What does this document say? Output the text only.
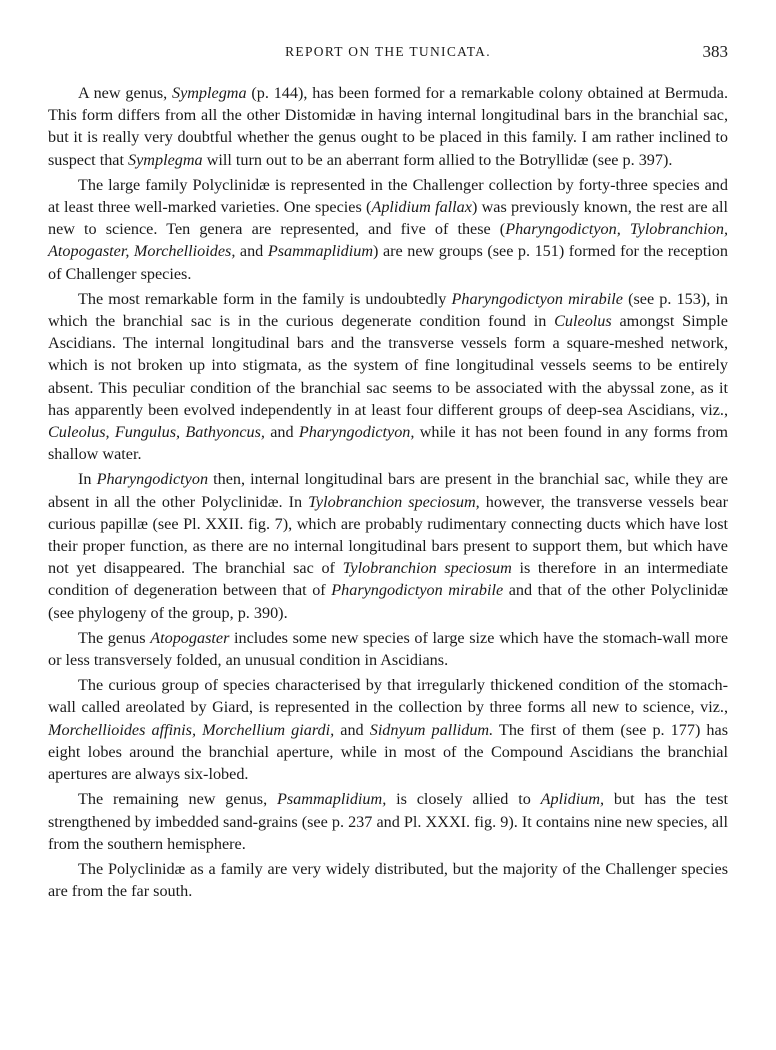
REPORT ON THE TUNICATA.	383

A new genus, Symplegma (p. 144), has been formed for a remarkable colony obtained at Bermuda. This form differs from all the other Distomidæ in having internal longitudinal bars in the branchial sac, but it is really very doubtful whether the genus ought to be placed in this family. I am rather inclined to suspect that Symplegma will turn out to be an aberrant form allied to the Botryllidæ (see p. 397).

The large family Polyclinidæ is represented in the Challenger collection by forty-three species and at least three well-marked varieties. One species (Aplidium fallax) was previously known, the rest are all new to science. Ten genera are represented, and five of these (Pharyngodictyon, Tylobranchion, Atopogaster, Morchellioides, and Psammaplidium) are new groups (see p. 151) formed for the reception of Challenger species.

The most remarkable form in the family is undoubtedly Pharyngodictyon mirabile (see p. 153), in which the branchial sac is in the curious degenerate condition found in Culeolus amongst Simple Ascidians. The internal longitudinal bars and the transverse vessels form a square-meshed network, which is not broken up into stigmata, as the system of fine longitudinal vessels seems to be entirely absent. This peculiar condition of the branchial sac seems to be associated with the abyssal zone, as it has apparently been evolved independently in at least four different groups of deep-sea Ascidians, viz., Culeolus, Fungulus, Bathyoncus, and Pharyngodictyon, while it has not been found in any forms from shallow water.

In Pharyngodictyon then, internal longitudinal bars are present in the branchial sac, while they are absent in all the other Polyclinidæ. In Tylobranchion speciosum, however, the transverse vessels bear curious papillæ (see Pl. XXII. fig. 7), which are probably rudimentary connecting ducts which have lost their proper function, as there are no internal longitudinal bars present to support them, but which have not yet disappeared. The branchial sac of Tylobranchion speciosum is therefore in an intermediate condition of degeneration between that of Pharyngodictyon mirabile and that of the other Polyclinidæ (see phylogeny of the group, p. 390).

The genus Atopogaster includes some new species of large size which have the stomach-wall more or less transversely folded, an unusual condition in Ascidians.

The curious group of species characterised by that irregularly thickened condition of the stomach-wall called areolated by Giard, is represented in the collection by three forms all new to science, viz., Morchellioides affinis, Morchellium giardi, and Sidnyum pallidum. The first of them (see p. 177) has eight lobes around the branchial aperture, while in most of the Compound Ascidians the branchial apertures are always six-lobed.

The remaining new genus, Psammaplidium, is closely allied to Aplidium, but has the test strengthened by imbedded sand-grains (see p. 237 and Pl. XXXI. fig. 9). It contains nine new species, all from the southern hemisphere.

The Polyclinidæ as a family are very widely distributed, but the majority of the Challenger species are from the far south.
